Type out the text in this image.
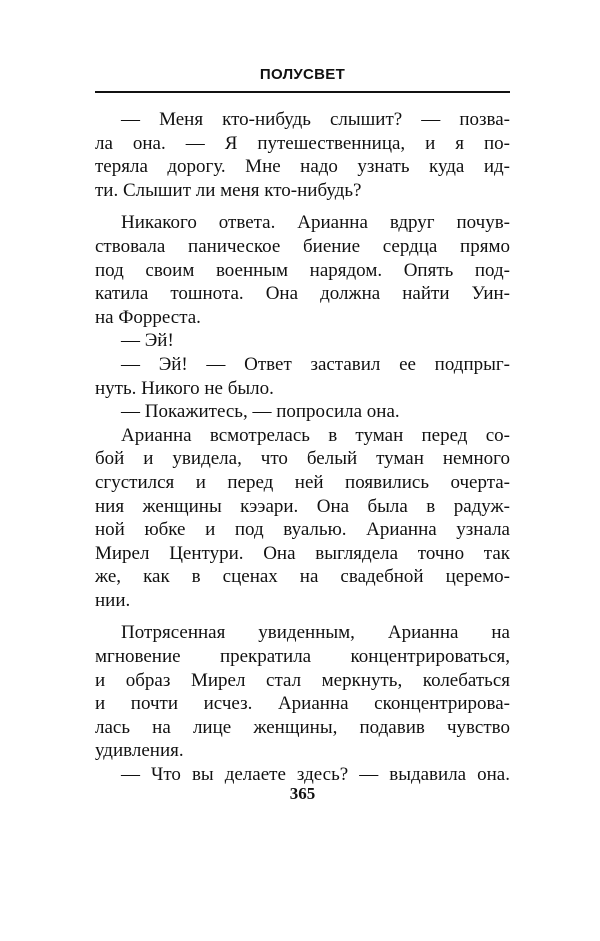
ПОЛУСВЕТ
— Меня кто-нибудь слышит? — позва-
ла она. — Я путешественница, и я по-
теряла дорогу. Мне надо узнать куда ид-
ти. Слышит ли меня кто-нибудь?
Никакого ответа. Арианна вдруг почув-
ствовала паническое биение сердца прямо
под своим военным нарядом. Опять под-
катила тошнота. Она должна найти Уин-
на Форреста.
— Эй!
— Эй! — Ответ заставил ее подпрыг-
нуть. Никого не было.
— Покажитесь, — попросила она.
Арианна всмотрелась в туман перед со-
бой и увидела, что белый туман немного
сгустился и перед ней появились очерта-
ния женщины кээари. Она была в радуж-
ной юбке и под вуалью. Арианна узнала
Мирел Центури. Она выглядела точно так
же, как в сценах на свадебной церемо-
нии.
Потрясенная увиденным, Арианна на
мгновение прекратила концентрироваться,
и образ Мирел стал меркнуть, колебаться
и почти исчез. Арианна сконцентрирова-
лась на лице женщины, подавив чувство
удивления.
— Что вы делаете здесь? — выдавила она.
365
